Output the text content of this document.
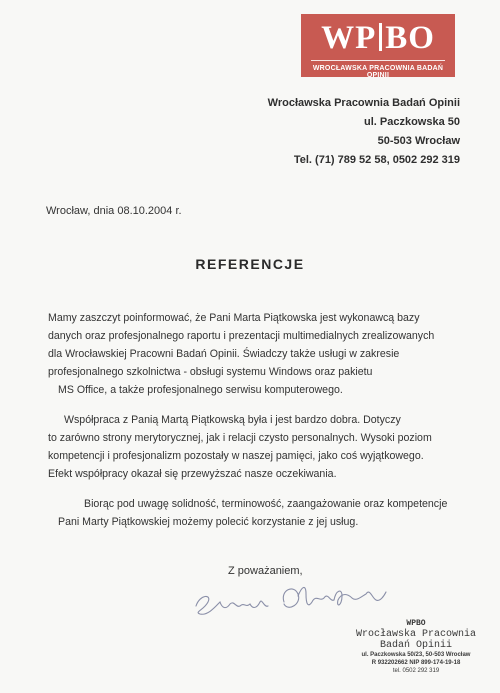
WP BO
WROCŁAWSKA PRACOWNIA BADAŃ OPINII
Wrocławska Pracownia Badań Opinii
ul. Paczkowska 50
50-503 Wrocław
Tel. (71) 789 52 58, 0502 292 319
Wrocław, dnia 08.10.2004 r.
REFERENCJE
Mamy zaszczyt poinformować, że Pani Marta Piątkowska jest wykonawcą bazy
danych oraz profesjonalnego raportu i prezentacji multimedialnych zrealizowanych
dla Wrocławskiej Pracowni Badań Opinii. Świadczy także usługi w zakresie
profesjonalnego szkolnictwa - obsługi systemu Windows oraz pakietu
MS Office, a także profesjonalnego serwisu komputerowego.
Współpraca z Panią Martą Piątkowską była i jest bardzo dobra. Dotyczy
to zarówno strony merytorycznej, jak i relacji czysto personalnych. Wysoki poziom
kompetencji i profesjonalizm pozostały w naszej pamięci, jako coś wyjątkowego.
Efekt współpracy okazał się przewyższać nasze oczekiwania.
Biorąc pod uwagę solidność, terminowość, zaangażowanie oraz kompetencje
Pani Marty Piątkowskiej możemy polecić korzystanie z jej usług.
Z poważaniem,
WPBO
Wrocławska Pracownia
Badań Opinii
ul. Paczkowska 50/23, 50-503 Wrocław
R 932202662 NIP 899-174-19-18
tel. 0502 292 319
